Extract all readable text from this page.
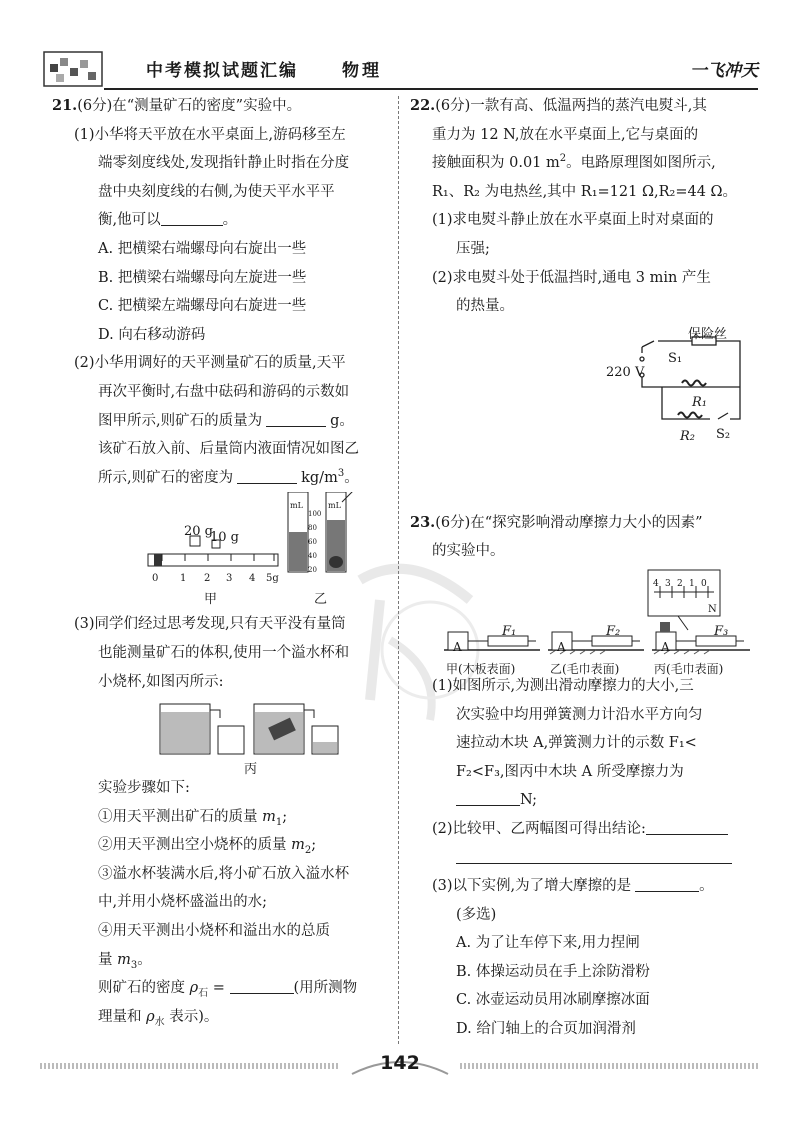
中考模拟试题汇编	物理	一飞冲天
21.(6分)在“测量矿石的密度”实验中。
(1)小华将天平放在水平桌面上,游码移至左
端零刻度线处,发现指针静止时指在分度
盘中央刻度线的右侧,为使天平水平平
衡,他可以	。
A. 把横梁右端螺母向右旋出一些
B. 把横梁右端螺母向左旋进一些
C. 把横梁左端螺母向右旋进一些
D. 向右移动游码
(2)小华用调好的天平测量矿石的质量,天平
再次平衡时,右盘中砝码和游码的示数如
图甲所示,则矿石的质量为	g。
该矿石放入前、后量筒内液面情况如图乙
所示,则矿石的密度为	$kg/m^3$。
20 g
10 g
0 1 2 3 4 5g
mL	mL
100
80
60
40
20
甲	乙
(3)同学们经过思考发现,只有天平没有量筒
也能测量矿石的体积,使用一个溢水杯和
小烧杯,如图丙所示:
丙
实验步骤如下:
①用天平测出矿石的质量 $m_1$;
②用天平测出空小烧杯的质量 $m_2$;
③溢水杯装满水后,将小矿石放入溢水杯
中,并用小烧杯盛溢出的水;
④用天平测出小烧杯和溢出水的总质
量 $m_3$。
则矿石的密度 $\rho_石$ =	(用所测物
理量和 $\rho_水$ 表示)。
22.(6分)一款有高、低温两挡的蒸汽电熨斗,其
重力为 12 N,放在水平桌面上,它与桌面的
接触面积为 0.01 $m^2$。电路原理图如图所示,
R₁、R₂ 为电热丝,其中 R₁=121 Ω,R₂=44 Ω。
(1)求电熨斗静止放在水平桌面上时对桌面的
压强;
(2)求电熨斗处于低温挡时,通电 3 min 产生
的热量。
保险丝
S₁
220 V
R₁
R₂ S₂
23.(6分)在“探究影响滑动摩擦力大小的因素”
的实验中。
4 3 2 1 0
N
A	A	A
F₁	F₂	F₃
甲(木板表面)	乙(毛巾表面)	丙(毛巾表面)
(1)如图所示,为测出滑动摩擦力的大小,三
次实验中均用弹簧测力计沿水平方向匀
速拉动木块 A,弹簧测力计的示数 F₁<
F₂<F₃,图丙中木块 A 所受摩擦力为
N;
(2)比较甲、乙两幅图可得出结论:
(3)以下实例,为了增大摩擦的是	。
(多选)
A. 为了让车停下来,用力捏闸
B. 体操运动员在手上涂防滑粉
C. 冰壶运动员用冰刷摩擦冰面
D. 给门轴上的合页加润滑剂
142
